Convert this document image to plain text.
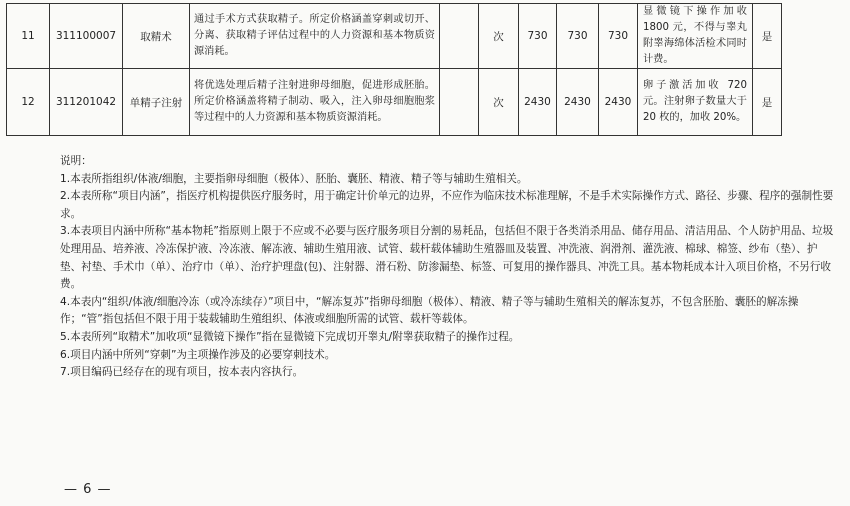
11	311100007	取精术	通过手术方式获取精子。所定价格涵盖穿刺或切开、分离、获取精子评估过程中的人力资源和基本物质资源消耗。		次	730	730	730	显微镜下操作加收 1800 元，不得与睾丸附睾海绵体活检术同时计费。	是
12	311201042	单精子注射	将优选处理后精子注射进卵母细胞，促进形成胚胎。所定价格涵盖将精子制动、吸入，注入卵母细胞胞浆等过程中的人力资源和基本物质资源消耗。		次	2430	2430	2430	卵子激活加收 720 元。注射卵子数量大于 20 枚的，加收 20%。	是
说明：
1.本表所指组织/体液/细胞，主要指卵母细胞（极体）、胚胎、囊胚、精液、精子等与辅助生殖相关。
2.本表所称“项目内涵”，指医疗机构提供医疗服务时，用于确定计价单元的边界，不应作为临床技术标准理解，不是手术实际操作方式、路径、步骤、程序的强制性要求。
3.本表项目内涵中所称“基本物耗”指原则上限于不应或不必要与医疗服务项目分割的易耗品，包括但不限于各类消杀用品、储存用品、清洁用品、个人防护用品、垃圾处理用品、培养液、冷冻保护液、冷冻液、解冻液、辅助生殖用液、试管、载杆载体辅助生殖器皿及装置、冲洗液、润滑剂、灌洗液、棉球、棉签、纱布（垫）、护垫、衬垫、手术巾（单）、治疗巾（单）、治疗护理盘(包)、注射器、滑石粉、防渗漏垫、标签、可复用的操作器具、冲洗工具。基本物耗成本计入项目价格，不另行收费。
4.本表内“组织/体液/细胞冷冻（或冷冻续存）”项目中，“解冻复苏”指卵母细胞（极体）、精液、精子等与辅助生殖相关的解冻复苏，不包含胚胎、囊胚的解冻操作；“管”指包括但不限于用于装载辅助生殖组织、体液或细胞所需的试管、载杆等载体。
5.本表所列“取精术”加收项“显微镜下操作”指在显微镜下完成切开睾丸/附睾获取精子的操作过程。
6.项目内涵中所列“穿刺”为主项操作涉及的必要穿刺技术。
7.项目编码已经存在的现有项目，按本表内容执行。
— 6 —
